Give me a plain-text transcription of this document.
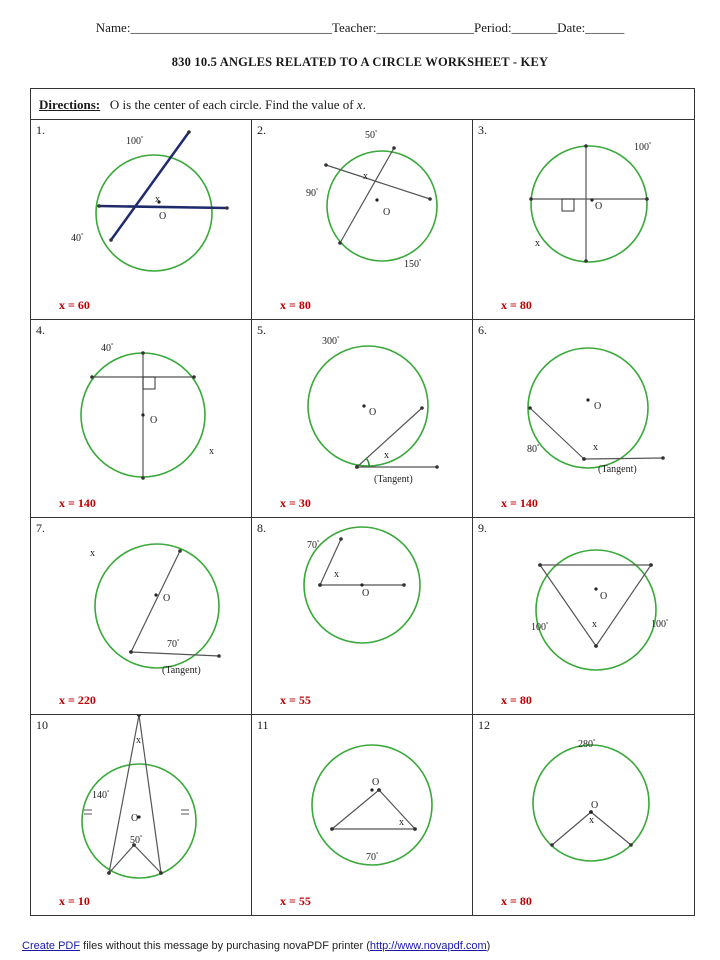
Name:_______________________________Teacher:_______________Period:_______Date:______
830 10.5 ANGLES RELATED TO A CIRCLE WORKSHEET - KEY
Directions: O is the center of each circle. Find the value of x.
100°
40°
x
O
1.
x = 60
50°
90°
150°
x
O
2.
x = 80
100°
x
O
3.
x = 80
40°
x
O
4.
x = 140
300°
x
(Tangent)
O
5.
x = 30
80°	x
(Tangent)
O
6.
x = 140
x
70°
(Tangent)
O
7.
x = 220
70°
x
O
8.
x = 55
100°	100°
x
O
9.
x = 80
x
140°
50°
O
10
x = 10
O
x
70°
11
x = 55
280°
x
O
12
x = 80
Create PDF files without this message by purchasing novaPDF printer (http://www.novapdf.com)
